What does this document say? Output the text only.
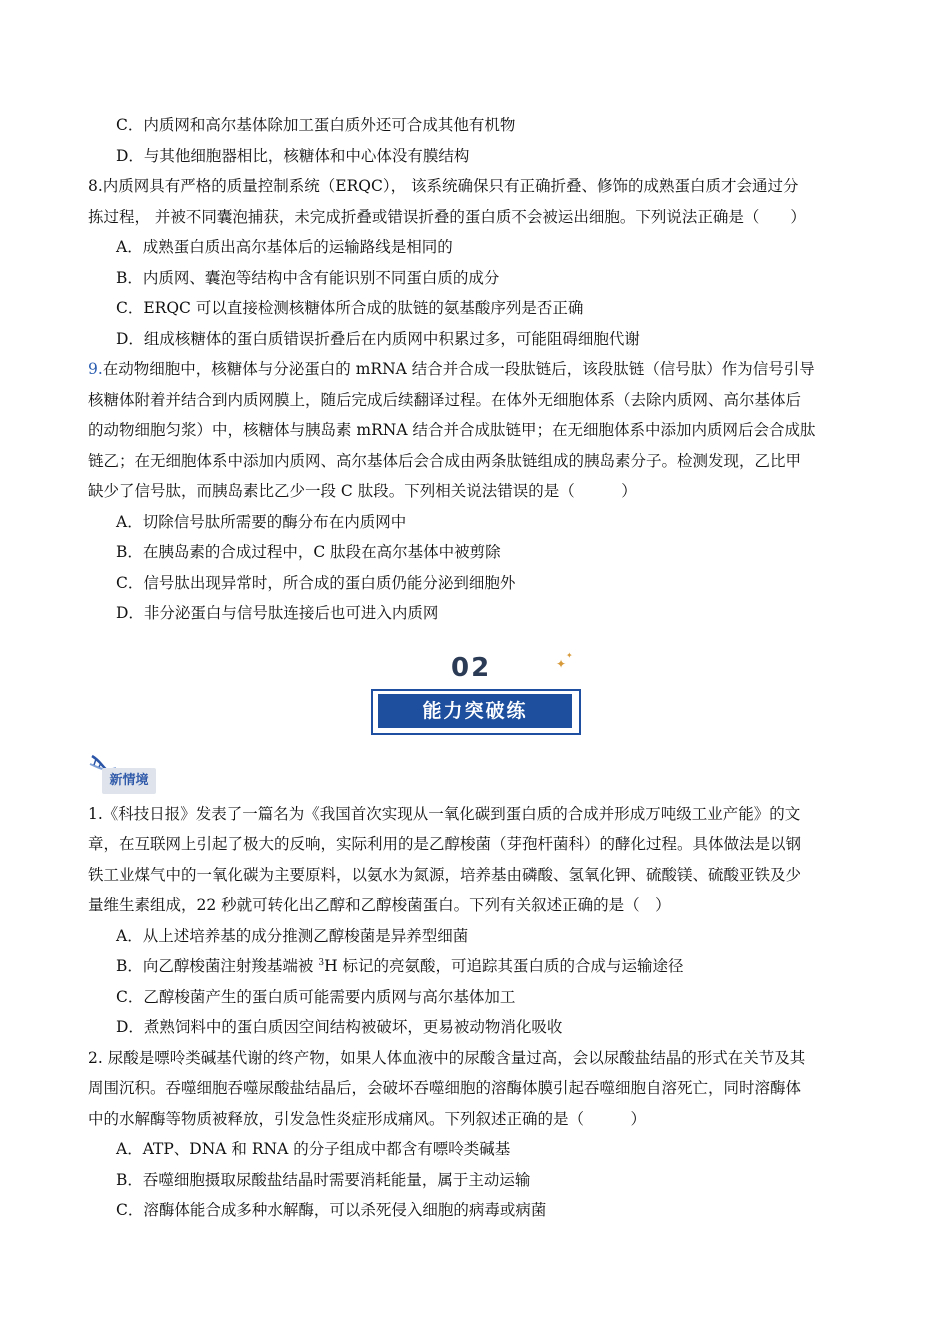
C．内质网和高尔基体除加工蛋白质外还可合成其他有机物

D．与其他细胞器相比，核糖体和中心体没有膜结构

8.内质网具有严格的质量控制系统（ERQC）， 该系统确保只有正确折叠、修饰的成熟蛋白质才会通过分

拣过程， 并被不同囊泡捕获，未完成折叠或错误折叠的蛋白质不会被运出细胞。下列说法正确是（　　）

A．成熟蛋白质出高尔基体后的运输路线是相同的

B．内质网、囊泡等结构中含有能识别不同蛋白质的成分

C．ERQC 可以直接检测核糖体所合成的肽链的氨基酸序列是否正确

D．组成核糖体的蛋白质错误折叠后在内质网中积累过多，可能阻碍细胞代谢

9.在动物细胞中，核糖体与分泌蛋白的 mRNA 结合并合成一段肽链后，该段肽链（信号肽）作为信号引导

核糖体附着并结合到内质网膜上，随后完成后续翻译过程。在体外无细胞体系（去除内质网、高尔基体后

的动物细胞匀浆）中，核糖体与胰岛素 mRNA 结合并合成肽链甲；在无细胞体系中添加内质网后会合成肽

链乙；在无细胞体系中添加内质网、高尔基体后会合成由两条肽链组成的胰岛素分子。检测发现，乙比甲

缺少了信号肽，而胰岛素比乙少一段 C 肽段。下列相关说法错误的是（　　　）

A．切除信号肽所需要的酶分布在内质网中

B．在胰岛素的合成过程中，C 肽段在高尔基体中被剪除

C．信号肽出现异常时，所合成的蛋白质仍能分泌到细胞外

D．非分泌蛋白与信号肽连接后也可进入内质网

02	✦
✦
能力突破练
新情境

1.《科技日报》发表了一篇名为《我国首次实现从一氧化碳到蛋白质的合成并形成万吨级工业产能》的文

章，在互联网上引起了极大的反响，实际利用的是乙醇梭菌（芽孢杆菌科）的酵化过程。具体做法是以钢

铁工业煤气中的一氧化碳为主要原料，以氨水为氮源，培养基由磷酸、氢氧化钾、硫酸镁、硫酸亚铁及少

量维生素组成，22 秒就可转化出乙醇和乙醇梭菌蛋白。下列有关叙述正确的是（　）

A．从上述培养基的成分推测乙醇梭菌是异养型细菌

B．向乙醇梭菌注射羧基端被 $^3$H 标记的亮氨酸，可追踪其蛋白质的合成与运输途径

C．乙醇梭菌产生的蛋白质可能需要内质网与高尔基体加工

D．煮熟饲料中的蛋白质因空间结构被破坏，更易被动物消化吸收

2. 尿酸是嘌呤类碱基代谢的终产物，如果人体血液中的尿酸含量过高，会以尿酸盐结晶的形式在关节及其

周围沉积。吞噬细胞吞噬尿酸盐结晶后，会破坏吞噬细胞的溶酶体膜引起吞噬细胞自溶死亡，同时溶酶体

中的水解酶等物质被释放，引发急性炎症形成痛风。下列叙述正确的是（　　　）

A．ATP、DNA 和 RNA 的分子组成中都含有嘌呤类碱基

B．吞噬细胞摄取尿酸盐结晶时需要消耗能量，属于主动运输

C．溶酶体能合成多种水解酶，可以杀死侵入细胞的病毒或病菌
